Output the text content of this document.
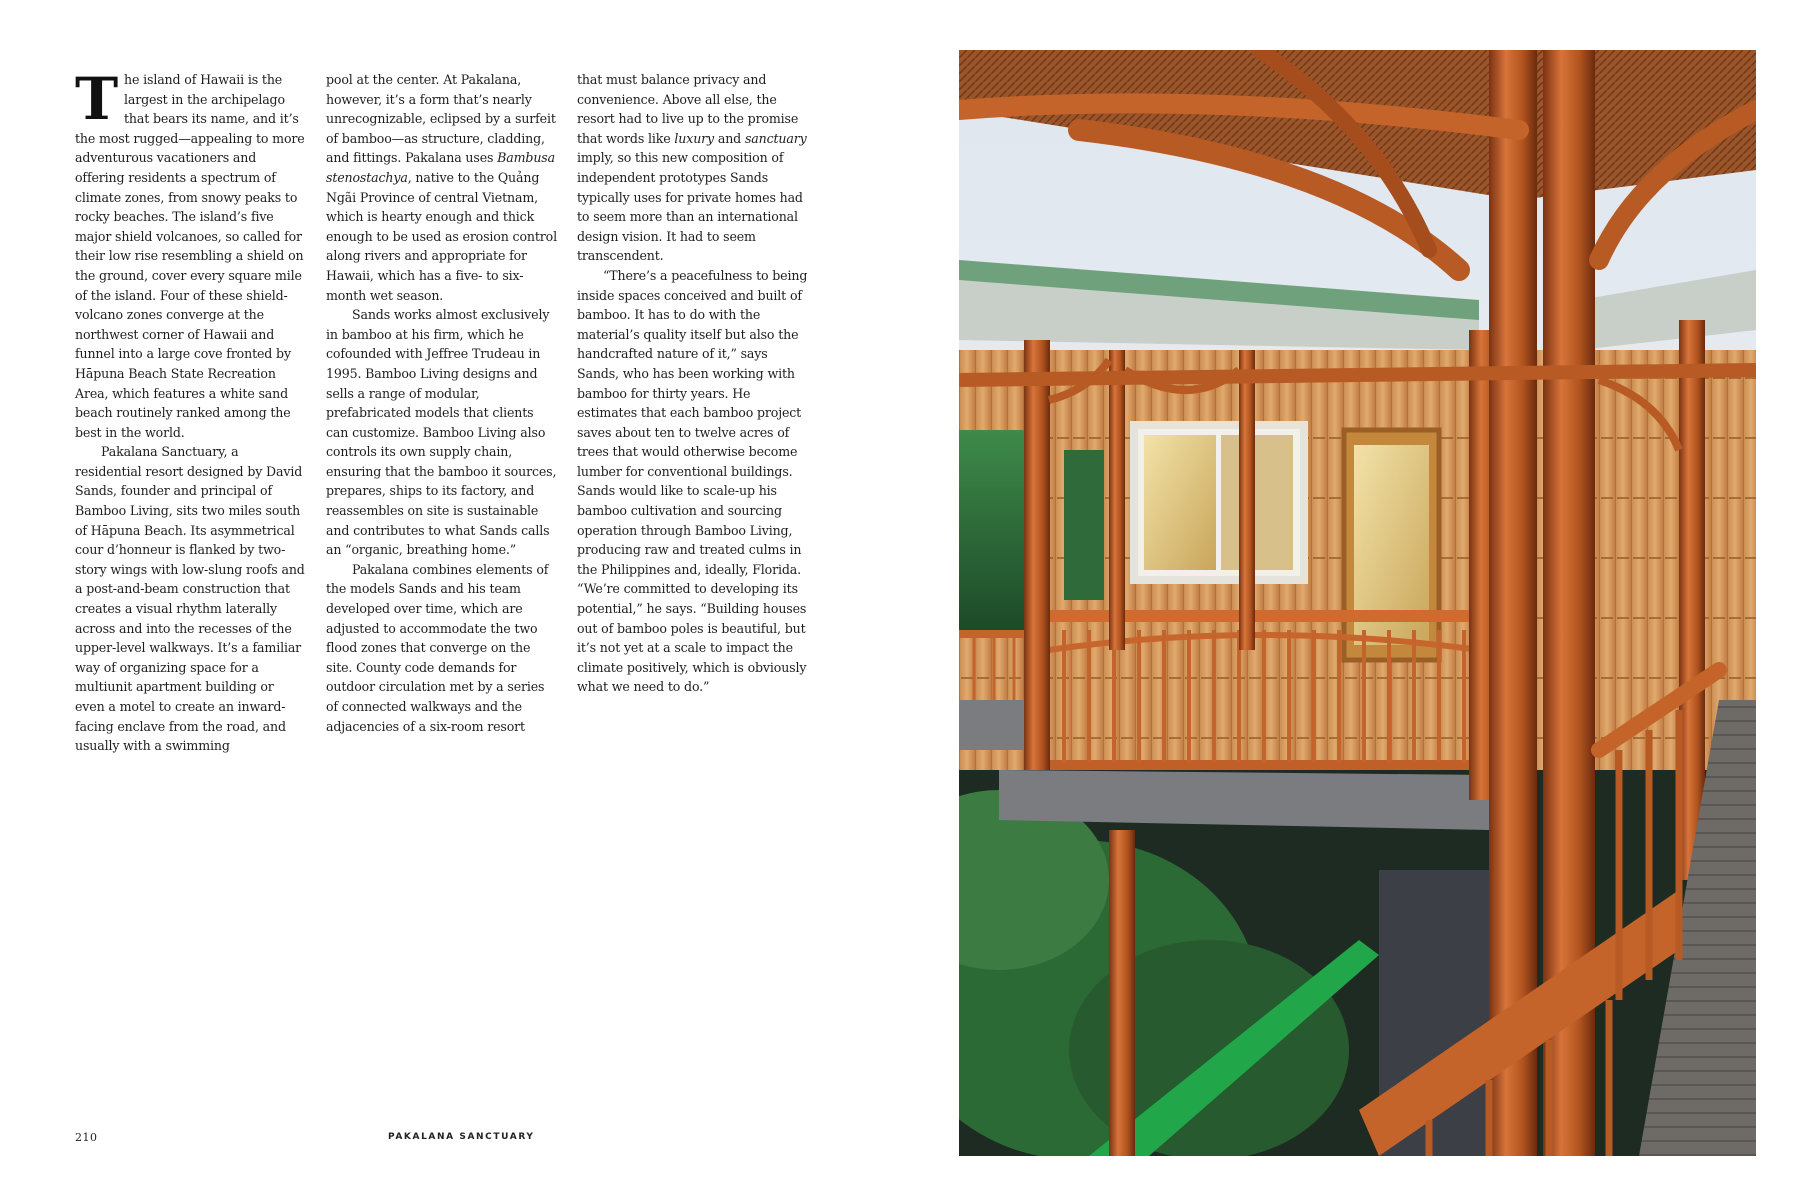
The island of Hawaii is the largest in the archipelago that bears its name, and it’s the most rugged—appealing to more adventurous vacationers and offering residents a spectrum of climate zones, from snowy peaks to rocky beaches. The island’s five major shield volcanoes, so called for their low rise resembling a shield on the ground, cover every square mile of the island. Four of these shield-volcano zones converge at the northwest corner of Hawaii and funnel into a large cove fronted by Hāpuna Beach State Recreation Area, which features a white sand beach routinely ranked among the best in the world.

Pakalana Sanctuary, a residential resort designed by David Sands, founder and principal of Bamboo Living, sits two miles south of Hāpuna Beach. Its asymmetrical cour d’honneur is flanked by two-story wings with low-slung roofs and a post-and-beam construction that creates a visual rhythm laterally across and into the recesses of the upper-level walkways. It’s a familiar way of organizing space for a multiunit apartment building or even a motel to create an inward-facing enclave from the road, and usually with a swimming

pool at the center. At Pakalana, however, it’s a form that’s nearly unrecognizable, eclipsed by a surfeit of bamboo—as structure, cladding, and fittings. Pakalana uses Bambusa stenostachya, native to the Quảng Ngãi Province of central Vietnam, which is hearty enough and thick enough to be used as erosion control along rivers and appropriate for Hawaii, which has a five- to six-month wet season.

Sands works almost exclusively in bamboo at his firm, which he cofounded with Jeffree Trudeau in 1995. Bamboo Living designs and sells a range of modular, prefabricated models that clients can customize. Bamboo Living also controls its own supply chain, ensuring that the bamboo it sources, prepares, ships to its factory, and reassembles on site is sustainable and contributes to what Sands calls an “organic, breathing home.”

Pakalana combines elements of the models Sands and his team developed over time, which are adjusted to accommodate the two flood zones that converge on the site. County code demands for outdoor circulation met by a series of connected walkways and the adjacencies of a six-room resort

that must balance privacy and convenience. Above all else, the resort had to live up to the promise that words like luxury and sanctuary imply, so this new composition of independent prototypes Sands typically uses for private homes had to seem more than an international design vision. It had to seem transcendent.

“There’s a peacefulness to being inside spaces conceived and built of bamboo. It has to do with the material’s quality itself but also the handcrafted nature of it,” says Sands, who has been working with bamboo for thirty years. He estimates that each bamboo project saves about ten to twelve acres of trees that would otherwise become lumber for conventional buildings. Sands would like to scale-up his bamboo cultivation and sourcing operation through Bamboo Living, producing raw and treated culms in the Philippines and, ideally, Florida. “We’re committed to developing its potential,” he says. “Building houses out of bamboo poles is beautiful, but it’s not yet at a scale to impact the climate positively, which is obviously what we need to do.”

210	PAKALANA SANCTUARY
